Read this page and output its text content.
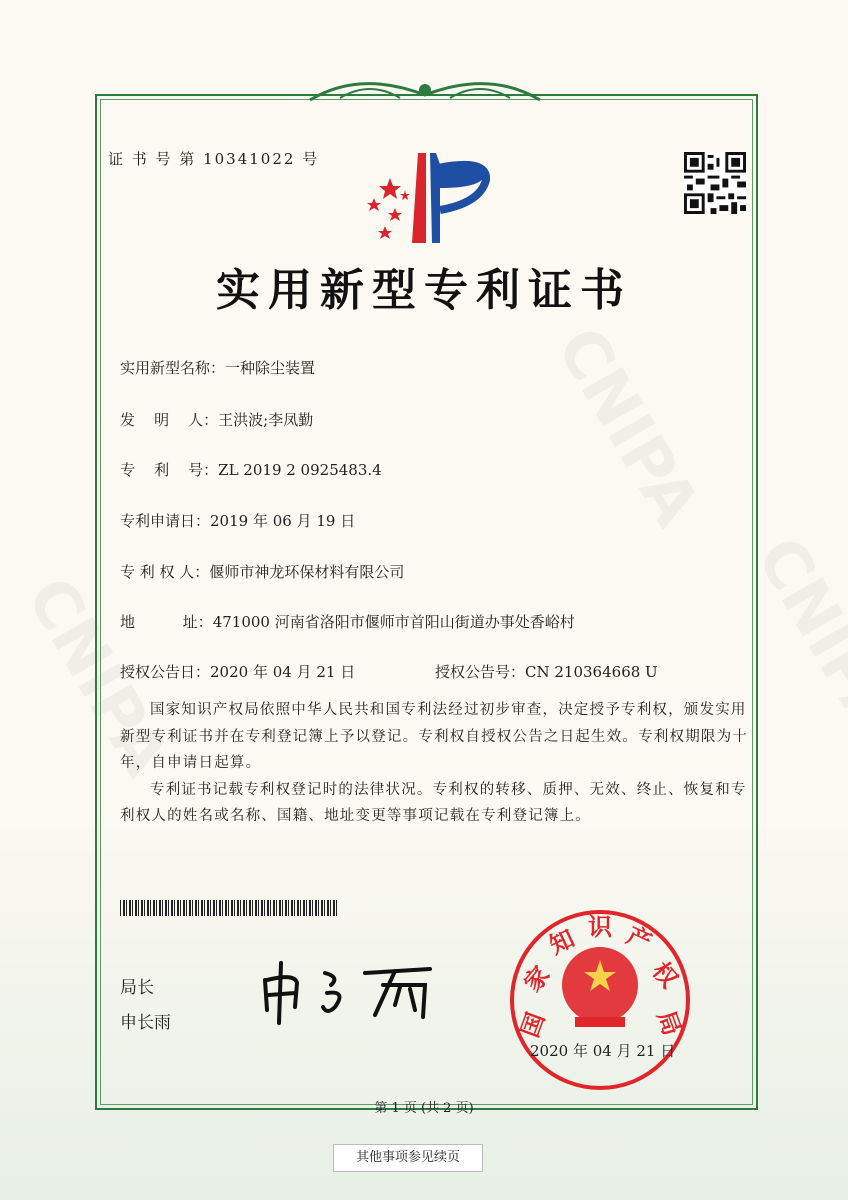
证 书 号 第 10341022 号
实用新型专利证书
实用新型名称：一种除尘装置
发    明    人：王洪波;李凤勤
专    利    号：ZL 2019 2 0925483.4
专利申请日：2019 年 06 月 19 日
专 利 权 人：偃师市神龙环保材料有限公司
地          址：471000 河南省洛阳市偃师市首阳山街道办事处香峪村
授权公告日：2020 年 04 月 21 日	授权公告号：CN 210364668 U

国家知识产权局依照中华人民共和国专利法经过初步审查，决定授予专利权，颁发实用新型专利证书并在专利登记簿上予以登记。专利权自授权公告之日起生效。专利权期限为十年，自申请日起算。

专利证书记载专利权登记时的法律状况。专利权的转移、质押、无效、终止、恢复和专利权人的姓名或名称、国籍、地址变更等事项记载在专利登记簿上。

局长
申长雨	国
家
知 识 产
权
局
2020 年 04 月 21 日
第 1 页 (共 2 页)
其他事项参见续页
